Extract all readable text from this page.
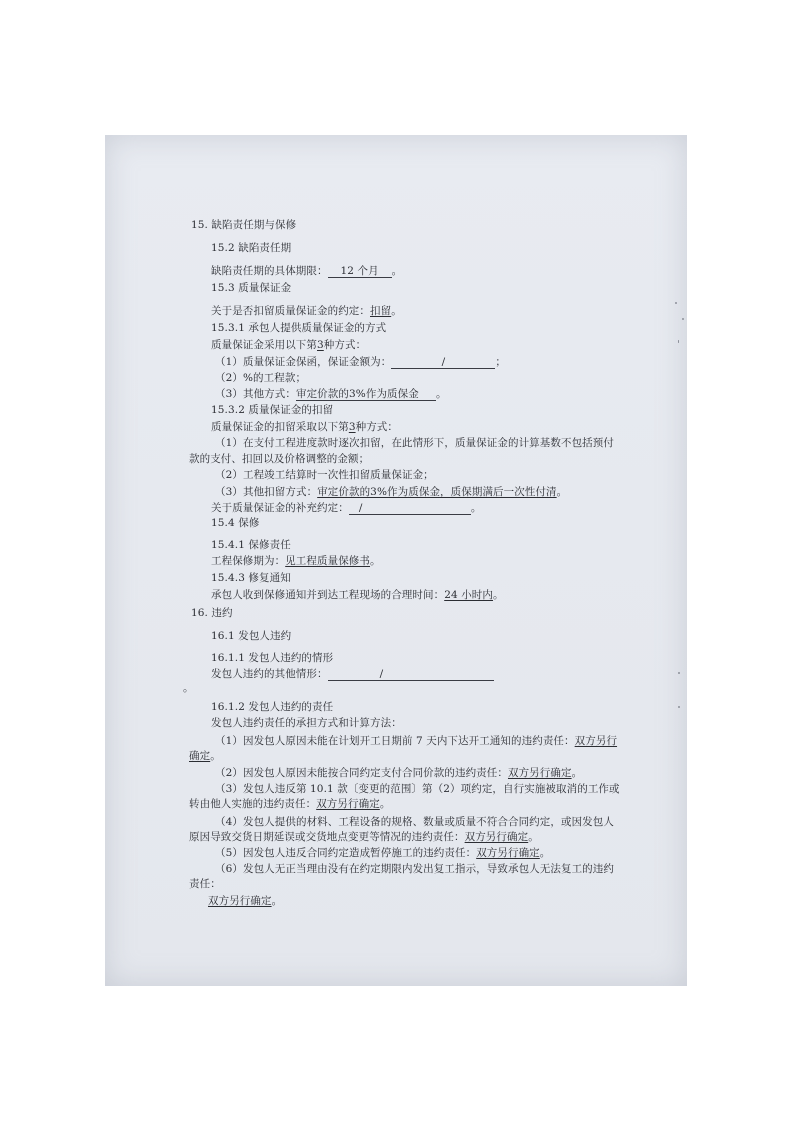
15. 缺陷责任期与保修
15.2 缺陷责任期
缺陷责任期的具体期限： 12 个月 。
15.3 质量保证金
关于是否扣留质量保证金的约定：扣留。
15.3.1 承包人提供质量保证金的方式
质量保证金采用以下第3种方式：
（1）质量保证金保函，保证金额为：	/	；
（2）%的工程款；
（3）其他方式：审定价款的3%作为质保金 。
15.3.2 质量保证金的扣留
质量保证金的扣留采取以下第3种方式：
（1）在支付工程进度款时逐次扣留，在此情形下，质量保证金的计算基数不包括预付
款的支付、扣回以及价格调整的金额；
（2）工程竣工结算时一次性扣留质量保证金；
（3）其他扣留方式：审定价款的3%作为质保金，质保期满后一次性付清。
关于质量保证金的补充约定： /	。
15.4 保修
15.4.1 保修责任
工程保修期为：见工程质量保修书。
15.4.3 修复通知
承包人收到保修通知并到达工程现场的合理时间：24 小时内。
16. 违约
16.1 发包人违约
16.1.1 发包人违约的情形
发包人违约的其他情形：	/
。
16.1.2 发包人违约的责任
发包人违约责任的承担方式和计算方法：
（1）因发包人原因未能在计划开工日期前 7 天内下达开工通知的违约责任：双方另行
确定。
（2）因发包人原因未能按合同约定支付合同价款的违约责任：双方另行确定。
（3）发包人违反第 10.1 款〔变更的范围〕第（2）项约定，自行实施被取消的工作或
转由他人实施的违约责任：双方另行确定。
（4）发包人提供的材料、工程设备的规格、数量或质量不符合合同约定，或因发包人
原因导致交货日期延误或交货地点变更等情况的违约责任：双方另行确定。
（5）因发包人违反合同约定造成暂停施工的违约责任：双方另行确定。
（6）发包人无正当理由没有在约定期限内发出复工指示，导致承包人无法复工的违约
责任：
双方另行确定。
